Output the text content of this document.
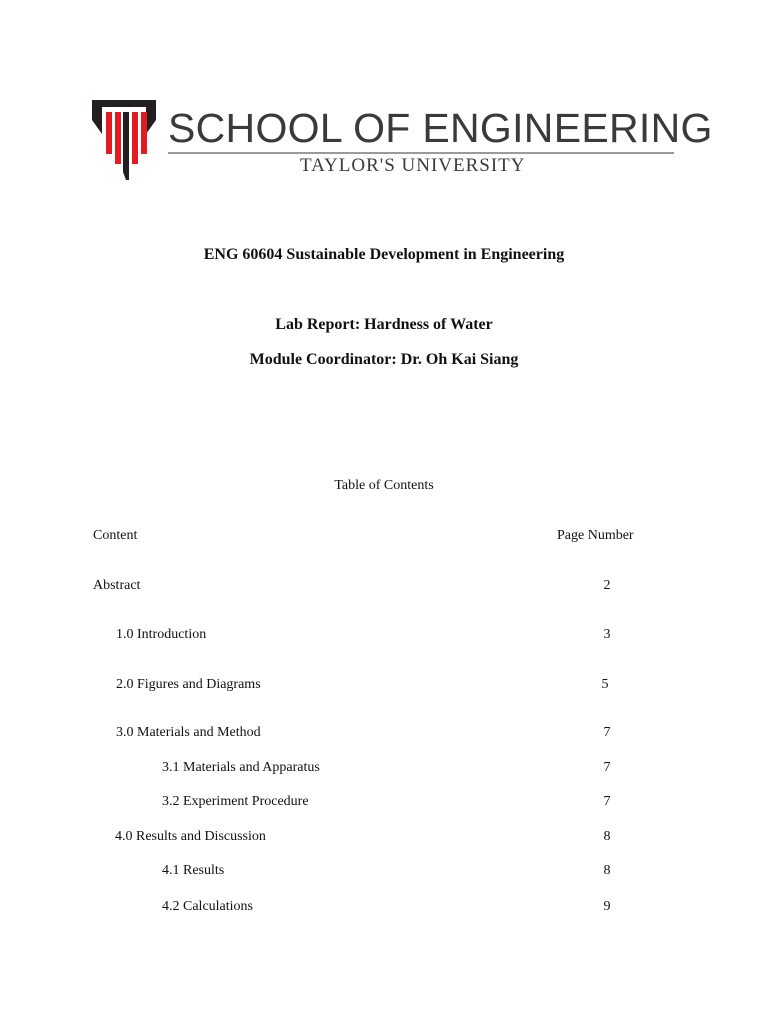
SCHOOL OF ENGINEERING
TAYLOR'S UNIVERSITY
ENG 60604 Sustainable Development in Engineering
Lab Report: Hardness of Water
Module Coordinator: Dr. Oh Kai Siang
Table of Contents
Content	Page Number
Abstract	2
1.0 Introduction	3
2.0 Figures and Diagrams	5
3.0 Materials and Method	7
3.1 Materials and Apparatus	7
3.2 Experiment Procedure	7
4.0 Results and Discussion	8
4.1 Results	8
4.2 Calculations	9
